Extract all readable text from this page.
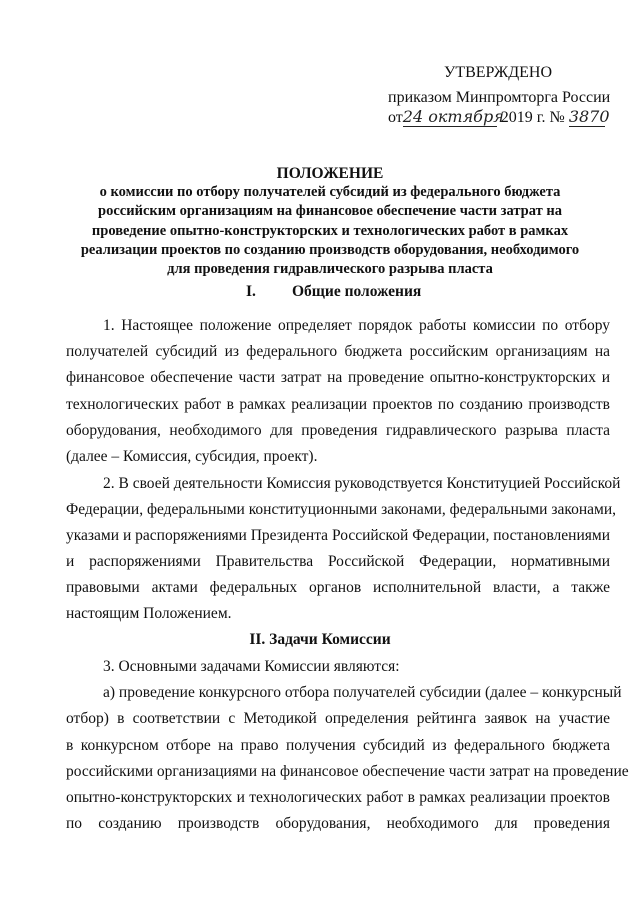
УТВЕРЖДЕНО
приказом Минпромторга России
от24 октября 2019 г. № 3870
ПОЛОЖЕНИЕ
о комиссии по отбору получателей субсидий из федерального бюджета
российским организациям на финансовое обеспечение части затрат на
проведение опытно-конструкторских и технологических работ в рамках
реализации проектов по созданию производств оборудования, необходимого
для проведения гидравлического разрыва пласта
I. Общие положения
1. Настоящее положение определяет порядок работы комиссии по отбору
получателей субсидий из федерального бюджета российским организациям на
финансовое обеспечение части затрат на проведение опытно-конструкторских и
технологических работ в рамках реализации проектов по созданию производств
оборудования, необходимого для проведения гидравлического разрыва пласта
(далее – Комиссия, субсидия, проект).
2. В своей деятельности Комиссия руководствуется Конституцией Российской
Федерации, федеральными конституционными законами, федеральными законами,
указами и распоряжениями Президента Российской Федерации, постановлениями
и распоряжениями Правительства Российской Федерации, нормативными
правовыми актами федеральных органов исполнительной власти, а также
настоящим Положением.
II. Задачи Комиссии
3. Основными задачами Комиссии являются:
а) проведение конкурсного отбора получателей субсидии (далее – конкурсный
отбор) в соответствии с Методикой определения рейтинга заявок на участие
в конкурсном отборе на право получения субсидий из федерального бюджета
российскими организациями на финансовое обеспечение части затрат на проведение
опытно-конструкторских и технологических работ в рамках реализации проектов
по созданию производств оборудования, необходимого для проведения
